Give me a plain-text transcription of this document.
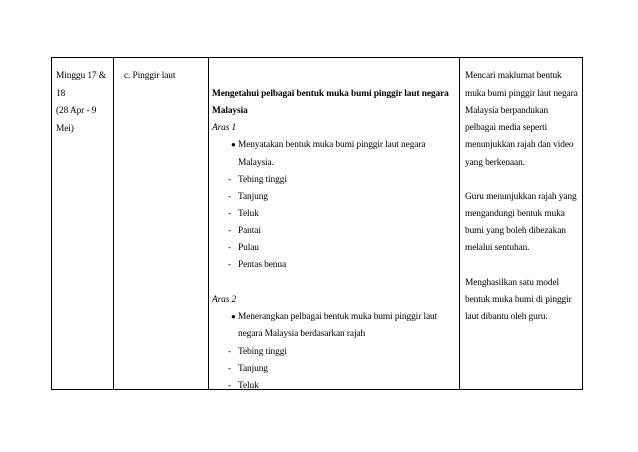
Minggu 17 &
18
(28 Apr - 9
Mei)

c. Pinggir laut

Mengetahui pelbagai bentuk muka bumi pinggir laut negara
Malaysia
Aras 1
● Menyatakan bentuk muka bumi pinggir laut negara
Malaysia.
- Tebing tinggi
- Tanjung
- Teluk
- Pantai
- Pulau
- Pentas benua
Aras 2
● Menerangkan pelbagai bentuk muka bumi pinggir laut
negara Malaysia berdasarkan rajah
- Tebing tinggi
- Tanjung
- Teluk

Mencari maklumat bentuk
muka bumi pinggir laut negara
Malaysia berpandukan
pelbagai media seperti
menunjukkan rajah dan video
yang berkenaan.
Guru menunjukkan rajah yang
mengandungi bentuk muka
bumi yang boleh dibezakan
melalui sentuhan.
Menghasilkan satu model
bentuk muka bumi di pinggir
laut dibantu oleh guru.
